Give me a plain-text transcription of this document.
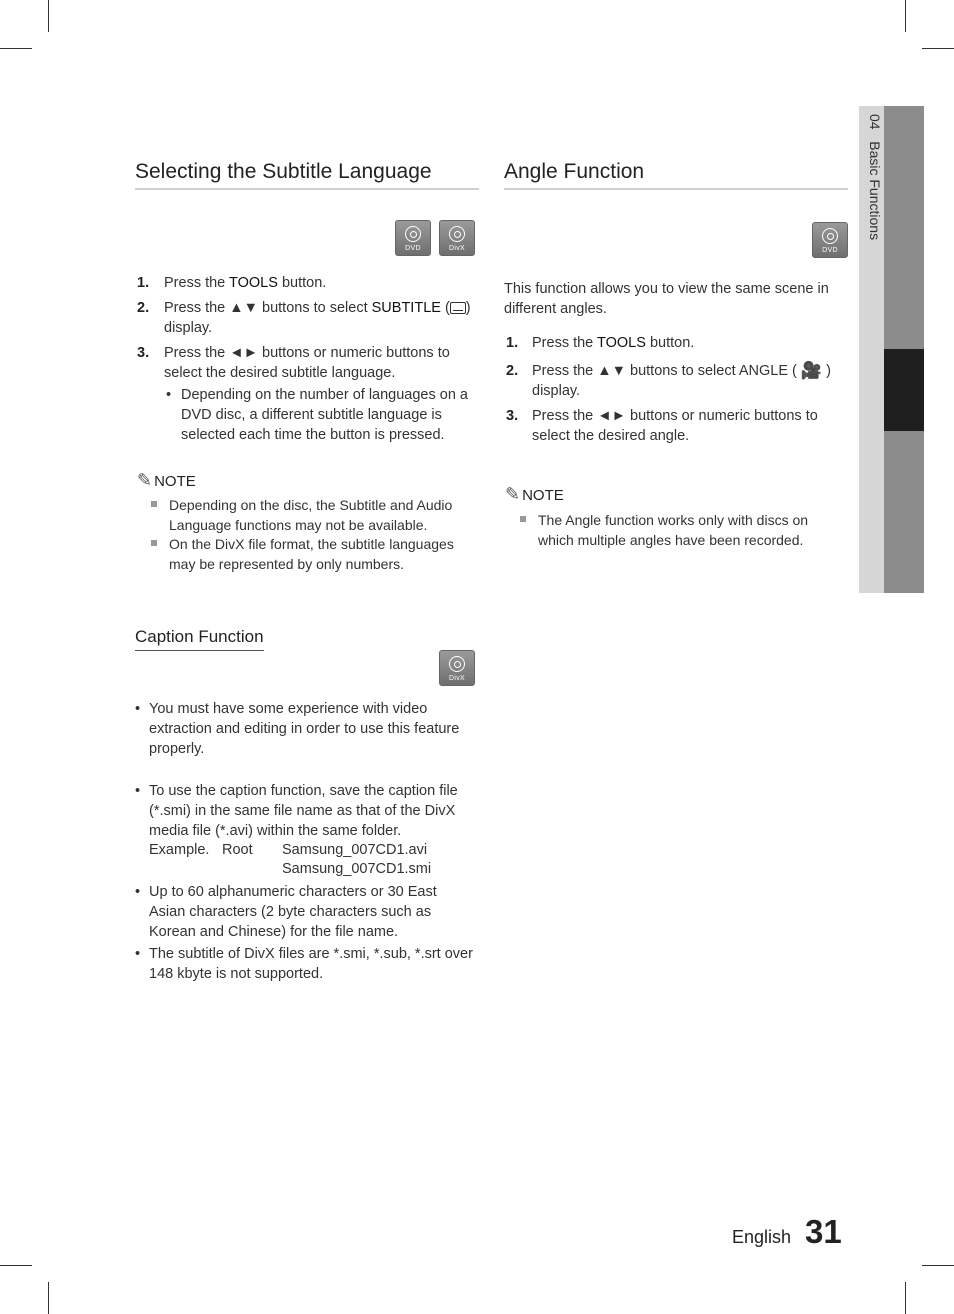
04   Basic Functions
Selecting the Subtitle Language
DVD	DivX
1. Press the TOOLS button.
2. Press the ▲▼ buttons to select SUBTITLE ( )
display.
3. Press the ◄► buttons or numeric buttons to
select the desired subtitle language.
• Depending on the number of languages on a
DVD disc, a different subtitle language is
selected each time the button is pressed.
✎ NOTE
Depending on the disc, the Subtitle and Audio
Language functions may not be available.
On the DivX file format, the subtitle languages
may be represented by only numbers.
Caption Function
DivX
• You must have some experience with video
extraction and editing in order to use this feature
properly.
• To use the caption function, save the caption file
(*.smi) in the same file name as that of the DivX
media file (*.avi) within the same folder.
Example. Root Samsung_007CD1.avi
Samsung_007CD1.smi
• Up to 60 alphanumeric characters or 30 East
Asian characters (2 byte characters such as
Korean and Chinese) for the file name.
• The subtitle of DivX files are *.smi, *.sub, *.srt over
148 kbyte is not supported.
Angle Function
DVD
This function allows you to view the same scene in
different angles.
1. Press the TOOLS button.
2. Press the ▲▼ buttons to select ANGLE ( 🎥 )
display.
3. Press the ◄► buttons or numeric buttons to
select the desired angle.
✎ NOTE
The Angle function works only with discs on
which multiple angles have been recorded.
English 31
